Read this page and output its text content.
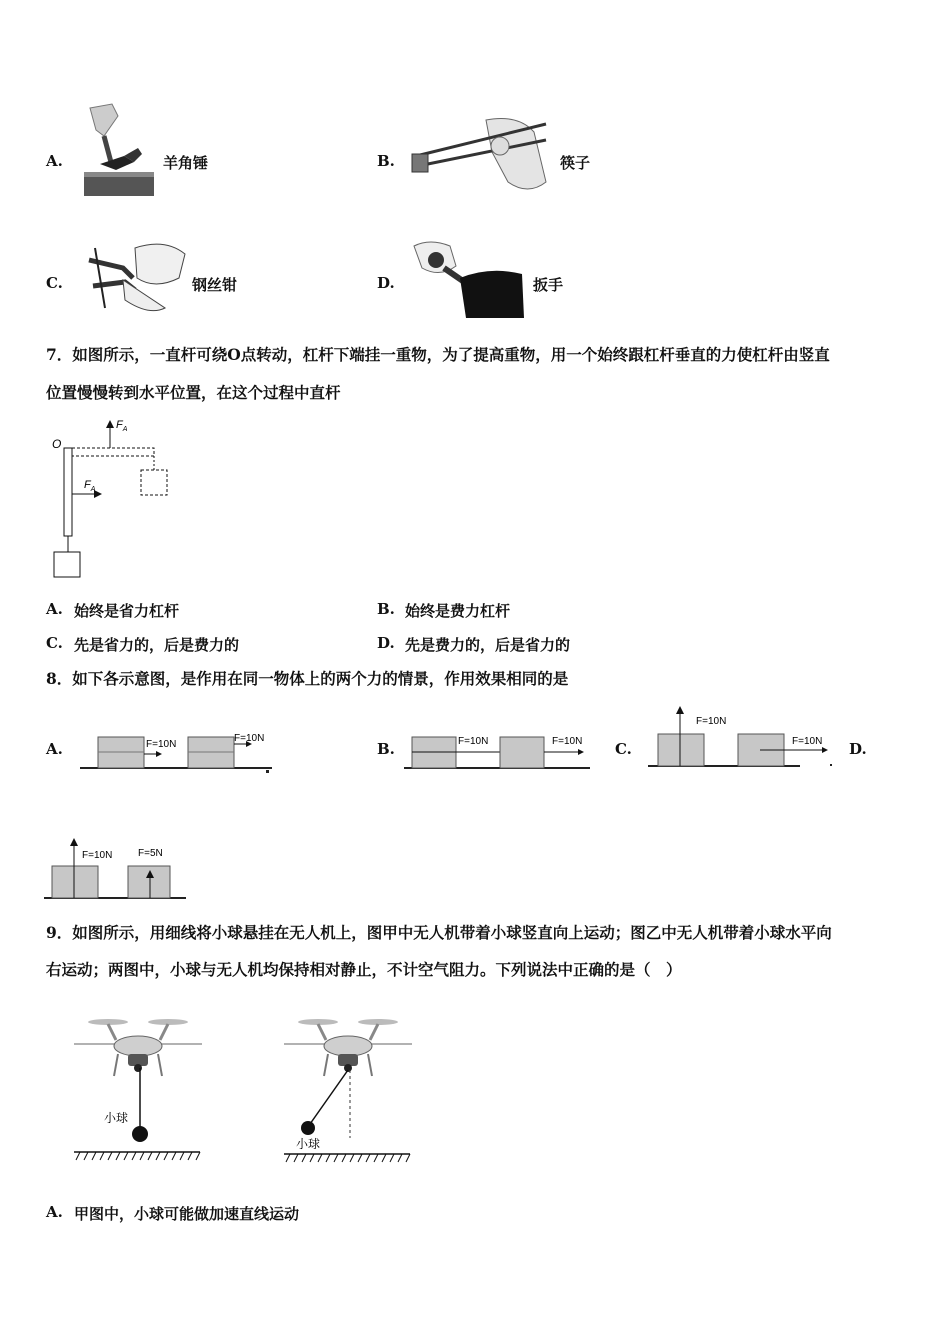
A.	羊角锤	B.	筷子
C.	钢丝钳	D.	扳手
7．如图所示，一直杆可绕O点转动，杠杆下端挂一重物，为了提高重物，用一个始终跟杠杆垂直的力使杠杆由竖直
位置慢慢转到水平位置，在这个过程中直杆
O
$F_A$
$F_A$
A. 始终是省力杠杆	B. 始终是费力杠杆
C. 先是省力的，后是费力的	D. 先是费力的，后是省力的
8．如下各示意图，是作用在同一物体上的两个力的情景，作用效果相同的是
A.	F=10N
F=10N
B.	F=10N	F=10N C.
F=10N
F=10N D.
F=10N	F=5N
9．如图所示，用细线将小球悬挂在无人机上，图甲中无人机带着小球竖直向上运动；图乙中无人机带着小球水平向
右运动；两图中，小球与无人机均保持相对静止，不计空气阻力。下列说法中正确的是（　）
小球
小球
A. 甲图中，小球可能做加速直线运动
